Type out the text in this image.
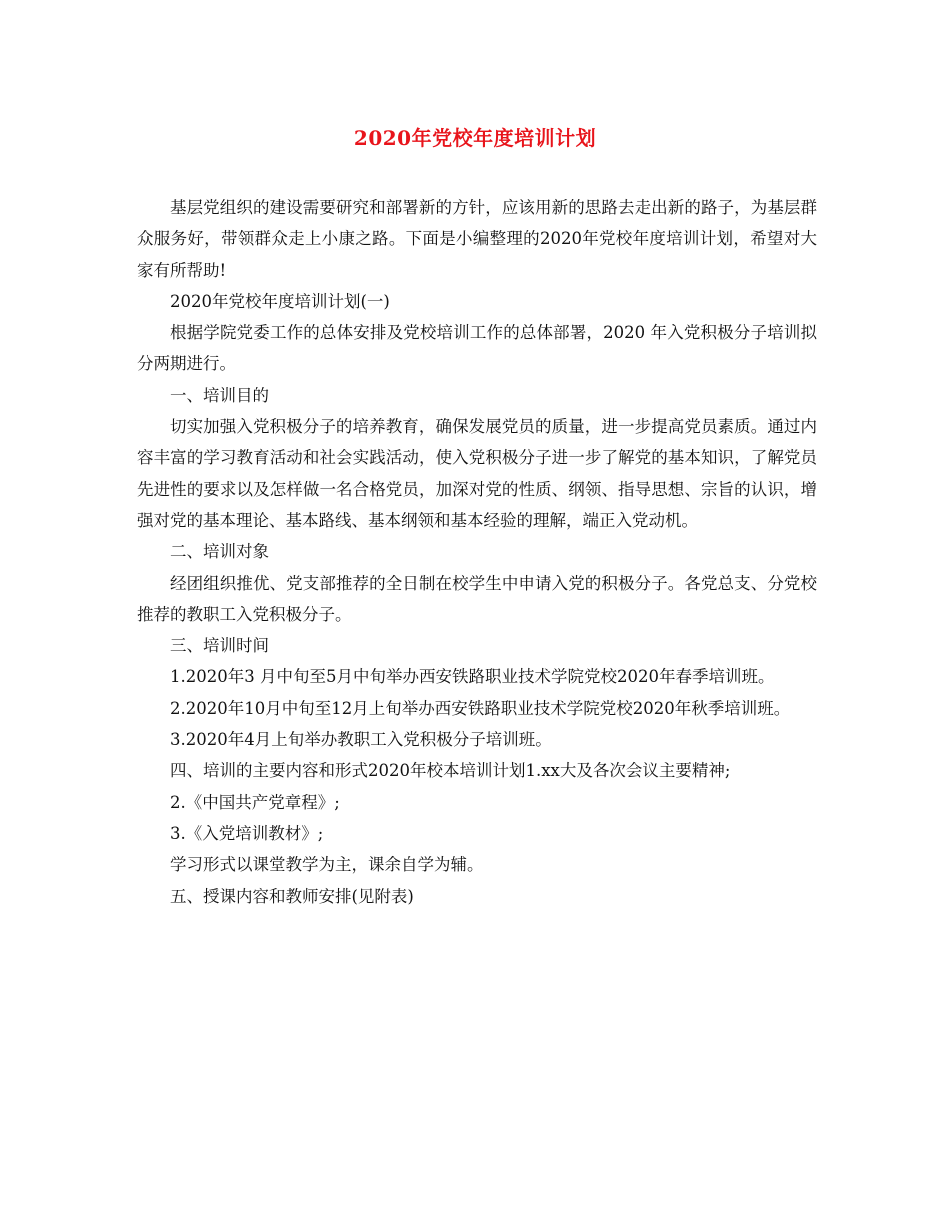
2020年党校年度培训计划

基层党组织的建设需要研究和部署新的方针，应该用新的思路去走出新的路子，为基层群众服务好，带领群众走上小康之路。下面是小编整理的2020年党校年度培训计划，希望对大家有所帮助!

2020年党校年度培训计划(一)

根据学院党委工作的总体安排及党校培训工作的总体部署，2020 年入党积极分子培训拟分两期进行。

一、培训目的

切实加强入党积极分子的培养教育，确保发展党员的质量，进一步提高党员素质。通过内容丰富的学习教育活动和社会实践活动，使入党积极分子进一步了解党的基本知识，了解党员先进性的要求以及怎样做一名合格党员，加深对党的性质、纲领、指导思想、宗旨的认识，增强对党的基本理论、基本路线、基本纲领和基本经验的理解，端正入党动机。

二、培训对象

经团组织推优、党支部推荐的全日制在校学生中申请入党的积极分子。各党总支、分党校推荐的教职工入党积极分子。

三、培训时间

1.2020年3 月中旬至5月中旬举办西安铁路职业技术学院党校2020年春季培训班。

2.2020年10月中旬至12月上旬举办西安铁路职业技术学院党校2020年秋季培训班。

3.2020年4月上旬举办教职工入党积极分子培训班。

四、培训的主要内容和形式2020年校本培训计划1.xx大及各次会议主要精神;

2.《中国共产党章程》;

3.《入党培训教材》;

学习形式以课堂教学为主，课余自学为辅。

五、授课内容和教师安排(见附表)
